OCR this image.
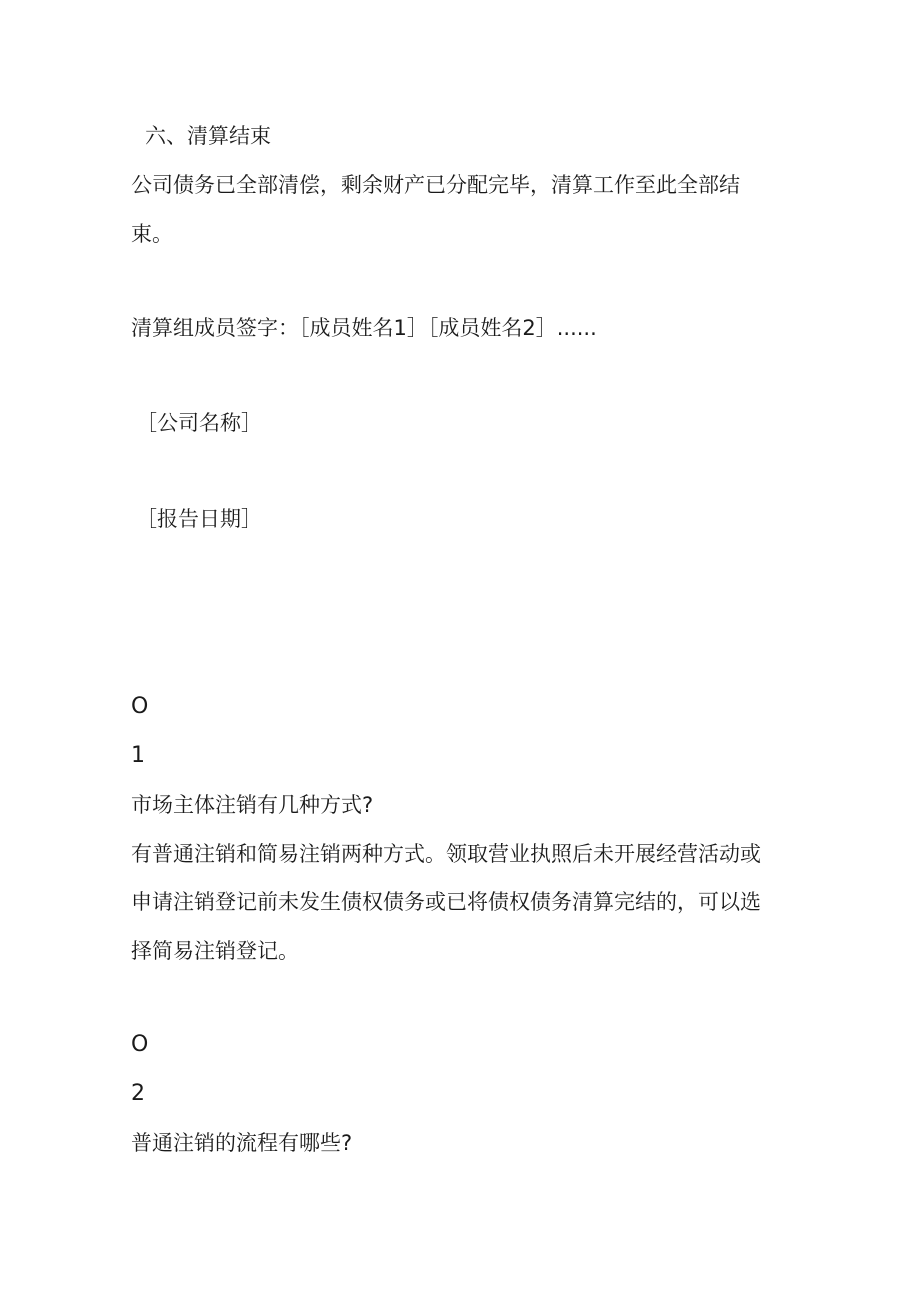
六、清算结束
公司债务已全部清偿，剩余财产已分配完毕，清算工作至此全部结
束。
清算组成员签字：［成员姓名1］［成员姓名2］......
［公司名称］
［报告日期］
O
1
市场主体注销有几种方式?
有普通注销和简易注销两种方式。领取营业执照后未开展经营活动或
申请注销登记前未发生债权债务或已将债权债务清算完结的，可以选
择简易注销登记。
O
2
普通注销的流程有哪些?
